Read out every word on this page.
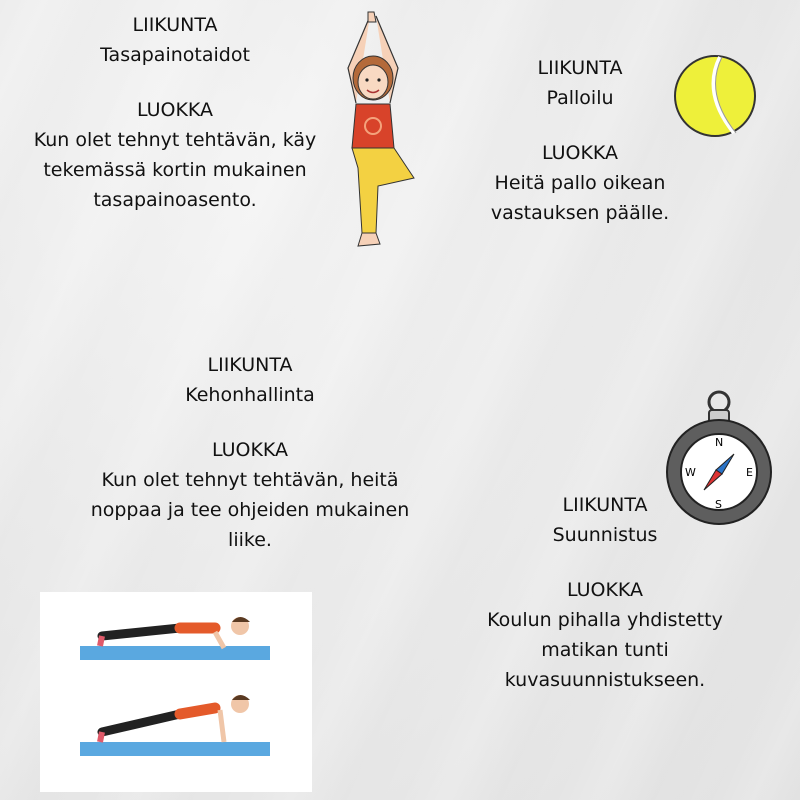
LIIKUNTA
Tasapainotaidot
LUOKKA
Kun olet tehnyt tehtävän, käy
tekemässä kortin mukainen
tasapainoasento.
LIIKUNTA
Palloilu
LUOKKA
Heitä pallo oikean
vastauksen päälle.
LIIKUNTA
Kehonhallinta
LUOKKA
Kun olet tehnyt tehtävän, heitä
noppaa ja tee ohjeiden mukainen
liike.
N
S
W	E
LIIKUNTA
Suunnistus
LUOKKA
Koulun pihalla yhdistetty
matikan tunti
kuvasuunnistukseen.
